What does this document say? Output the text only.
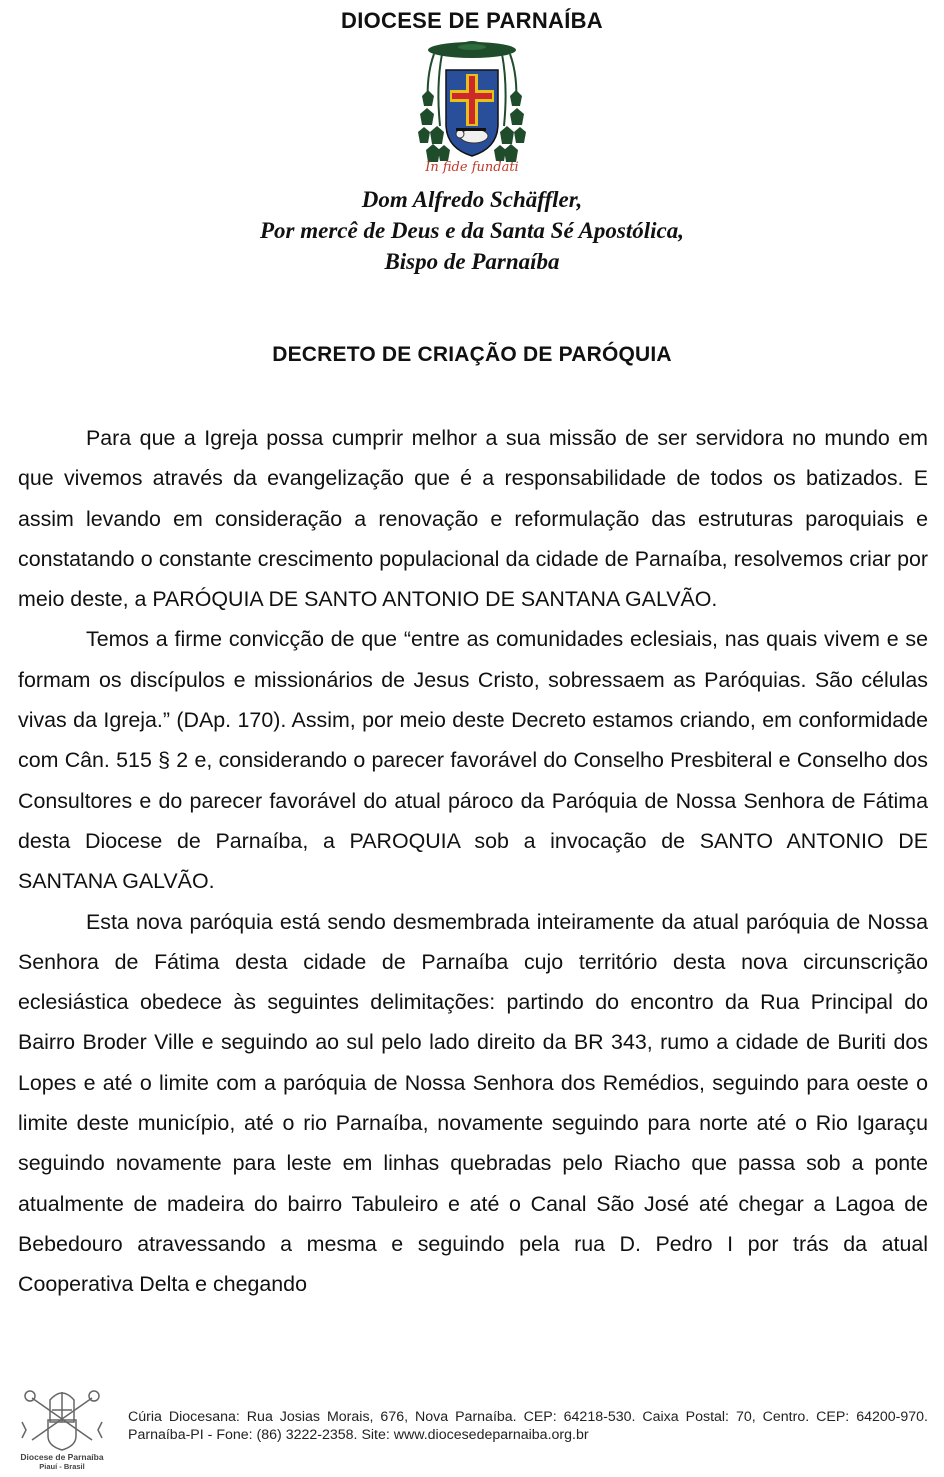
DIOCESE DE PARNAÍBA
In fide fundati
Dom Alfredo Schäffler,
Por mercê de Deus e da Santa Sé Apostólica,
Bispo de Parnaíba
DECRETO DE CRIAÇÃO DE PARÓQUIA

Para que a Igreja possa cumprir melhor a sua missão de ser servidora no mundo em que vivemos através da evangelização que é a responsabilidade de todos os batizados. E assim levando em consideração a renovação e reformulação das estruturas paroquiais e constatando o constante crescimento populacional da cidade de Parnaíba, resolvemos criar por meio deste, a PARÓQUIA DE SANTO ANTONIO DE SANTANA GALVÃO.

Temos a firme convicção de que “entre as comunidades eclesiais, nas quais vivem e se formam os discípulos e missionários de Jesus Cristo, sobressaem as Paróquias. São células vivas da Igreja.” (DAp. 170). Assim, por meio deste Decreto estamos criando, em conformidade com Cân. 515 § 2 e, considerando o parecer favorável do Conselho Presbiteral e Conselho dos Consultores e do parecer favorável do atual pároco da Paróquia de Nossa Senhora de Fátima desta Diocese de Parnaíba, a PAROQUIA sob a invocação de SANTO ANTONIO DE SANTANA GALVÃO.

Esta nova paróquia está sendo desmembrada inteiramente da atual paróquia de Nossa Senhora de Fátima desta cidade de Parnaíba cujo território desta nova circunscrição eclesiástica obedece às seguintes delimitações: partindo do encontro da Rua Principal do Bairro Broder Ville e seguindo ao sul pelo lado direito da BR 343, rumo a cidade de Buriti dos Lopes e até o limite com a paróquia de Nossa Senhora dos Remédios, seguindo para oeste o limite deste município, até o rio Parnaíba, novamente seguindo para norte até o Rio Igaraçu seguindo novamente para leste em linhas quebradas pelo Riacho que passa sob a ponte atualmente de madeira do bairro Tabuleiro e até o Canal São José até chegar a Lagoa de Bebedouro atravessando a mesma e seguindo pela rua D. Pedro I por trás da atual Cooperativa Delta e chegando

Diocese de Parnaíba
Piauí - Brasil
Cúria Diocesana: Rua Josias Morais, 676, Nova Parnaíba. CEP: 64218-530. Caixa Postal: 70, Centro. CEP: 64200-970. Parnaíba-PI - Fone: (86) 3222-2358. Site: www.diocesedeparnaiba.org.br
